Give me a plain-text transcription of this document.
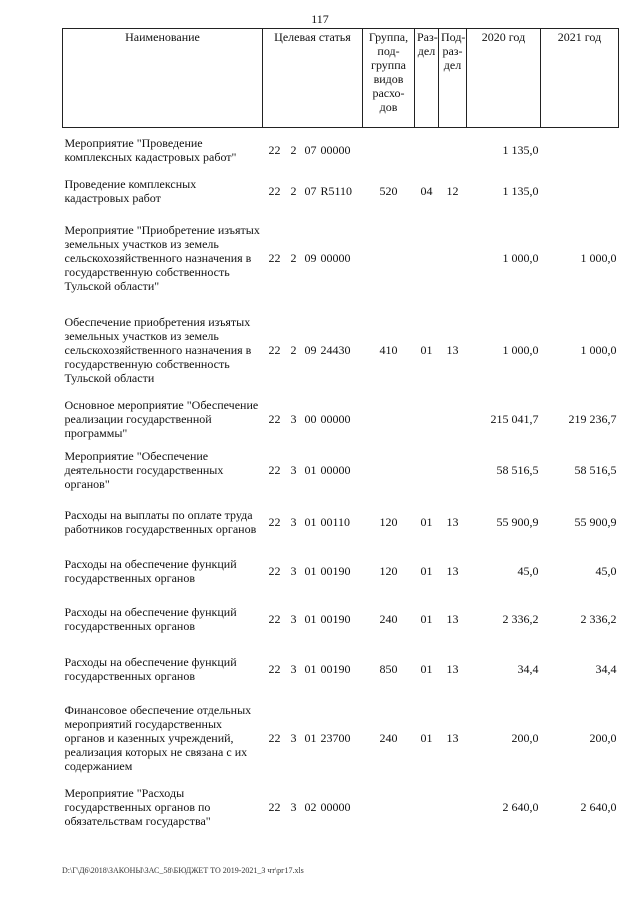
117
Наименование	Целевая статья	Группа, под-группа видов расхо-дов	Раз-дел	Под-раз-дел	2020 год	2021 год
Мероприятие "Проведение комплексных кадастровых работ"	22 2 07 00000				1 135,0	
Проведение комплексных кадастровых работ	22 2 07 R5110	520	04	12	1 135,0	
Мероприятие "Приобретение изъятых земельных участков из земель сельскохозяйственного назначения в государственную собственность Тульской области"	22 2 09 00000				1 000,0	1 000,0
Обеспечение приобретения изъятых земельных участков из земель сельскохозяйственного назначения в государственную собственность Тульской области	22 2 09 24430	410	01	13	1 000,0	1 000,0
Основное мероприятие "Обеспечение реализации государственной программы"	22 3 00 00000				215 041,7	219 236,7
Мероприятие "Обеспечение деятельности государственных органов"	22 3 01 00000				58 516,5	58 516,5
Расходы на выплаты по оплате труда работников государственных органов	22 3 01 00110	120	01	13	55 900,9	55 900,9
Расходы на обеспечение функций государственных органов	22 3 01 00190	120	01	13	45,0	45,0
Расходы на обеспечение функций государственных органов	22 3 01 00190	240	01	13	2 336,2	2 336,2
Расходы на обеспечение функций государственных органов	22 3 01 00190	850	01	13	34,4	34,4
Финансовое обеспечение отдельных мероприятий государственных органов и казенных учреждений, реализация которых не связана с их содержанием	22 3 01 23700	240	01	13	200,0	200,0
Мероприятие "Расходы государственных органов по обязательствам государства"	22 3 02 00000				2 640,0	2 640,0
D:\Г\Д6\2018\ЗАКОНЫ\ЗАС_58\БЮДЖЕТ ТО 2019-2021_3 чт\рг17.xls
